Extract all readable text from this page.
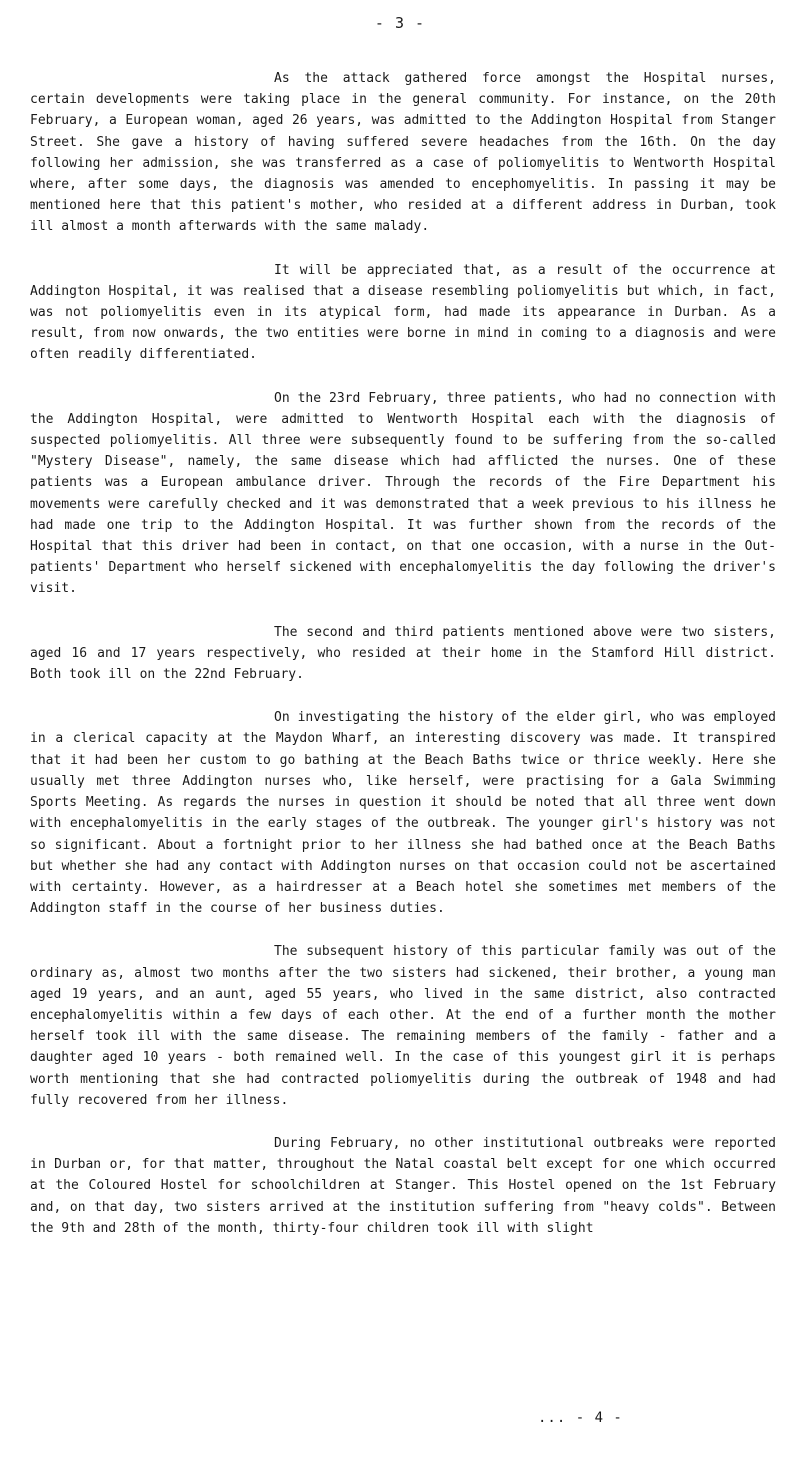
- 3 -

As the attack gathered force amongst the Hospital nurses, certain developments were taking place in the general community. For instance, on the 20th February, a European woman, aged 26 years, was admitted to the Addington Hospital from Stanger Street. She gave a history of having suffered severe headaches from the 16th. On the day following her admission, she was transferred as a case of poliomyelitis to Wentworth Hospital where, after some days, the diagnosis was amended to encephomyelitis. In passing it may be mentioned here that this patient's mother, who resided at a different address in Durban, took ill almost a month afterwards with the same malady.

It will be appreciated that, as a result of the occurrence at Addington Hospital, it was realised that a disease resembling poliomyelitis but which, in fact, was not poliomyelitis even in its atypical form, had made its appearance in Durban. As a result, from now onwards, the two entities were borne in mind in coming to a diagnosis and were often readily differentiated.

On the 23rd February, three patients, who had no connection with the Addington Hospital, were admitted to Wentworth Hospital each with the diagnosis of suspected poliomyelitis. All three were subsequently found to be suffering from the so-called "Mystery Disease", namely, the same disease which had afflicted the nurses. One of these patients was a European ambulance driver. Through the records of the Fire Department his movements were carefully checked and it was demonstrated that a week previous to his illness he had made one trip to the Addington Hospital. It was further shown from the records of the Hospital that this driver had been in contact, on that one occasion, with a nurse in the Out-patients' Department who herself sickened with encephalomyelitis the day following the driver's visit.

The second and third patients mentioned above were two sisters, aged 16 and 17 years respectively, who resided at their home in the Stamford Hill district. Both took ill on the 22nd February.

On investigating the history of the elder girl, who was employed in a clerical capacity at the Maydon Wharf, an interesting discovery was made. It transpired that it had been her custom to go bathing at the Beach Baths twice or thrice weekly. Here she usually met three Addington nurses who, like herself, were practising for a Gala Swimming Sports Meeting. As regards the nurses in question it should be noted that all three went down with encephalomyelitis in the early stages of the outbreak. The younger girl's history was not so significant. About a fortnight prior to her illness she had bathed once at the Beach Baths but whether she had any contact with Addington nurses on that occasion could not be ascertained with certainty. However, as a hairdresser at a Beach hotel she sometimes met members of the Addington staff in the course of her business duties.

The subsequent history of this particular family was out of the ordinary as, almost two months after the two sisters had sickened, their brother, a young man aged 19 years, and an aunt, aged 55 years, who lived in the same district, also contracted encephalomyelitis within a few days of each other. At the end of a further month the mother herself took ill with the same disease. The remaining members of the family - father and a daughter aged 10 years - both remained well. In the case of this youngest girl it is perhaps worth mentioning that she had contracted poliomyelitis during the outbreak of 1948 and had fully recovered from her illness.

During February, no other institutional outbreaks were reported in Durban or, for that matter, throughout the Natal coastal belt except for one which occurred at the Coloured Hostel for schoolchildren at Stanger. This Hostel opened on the 1st February and, on that day, two sisters arrived at the institution suffering from "heavy colds". Between the 9th and 28th of the month, thirty-four children took ill with slight

... - 4 -
